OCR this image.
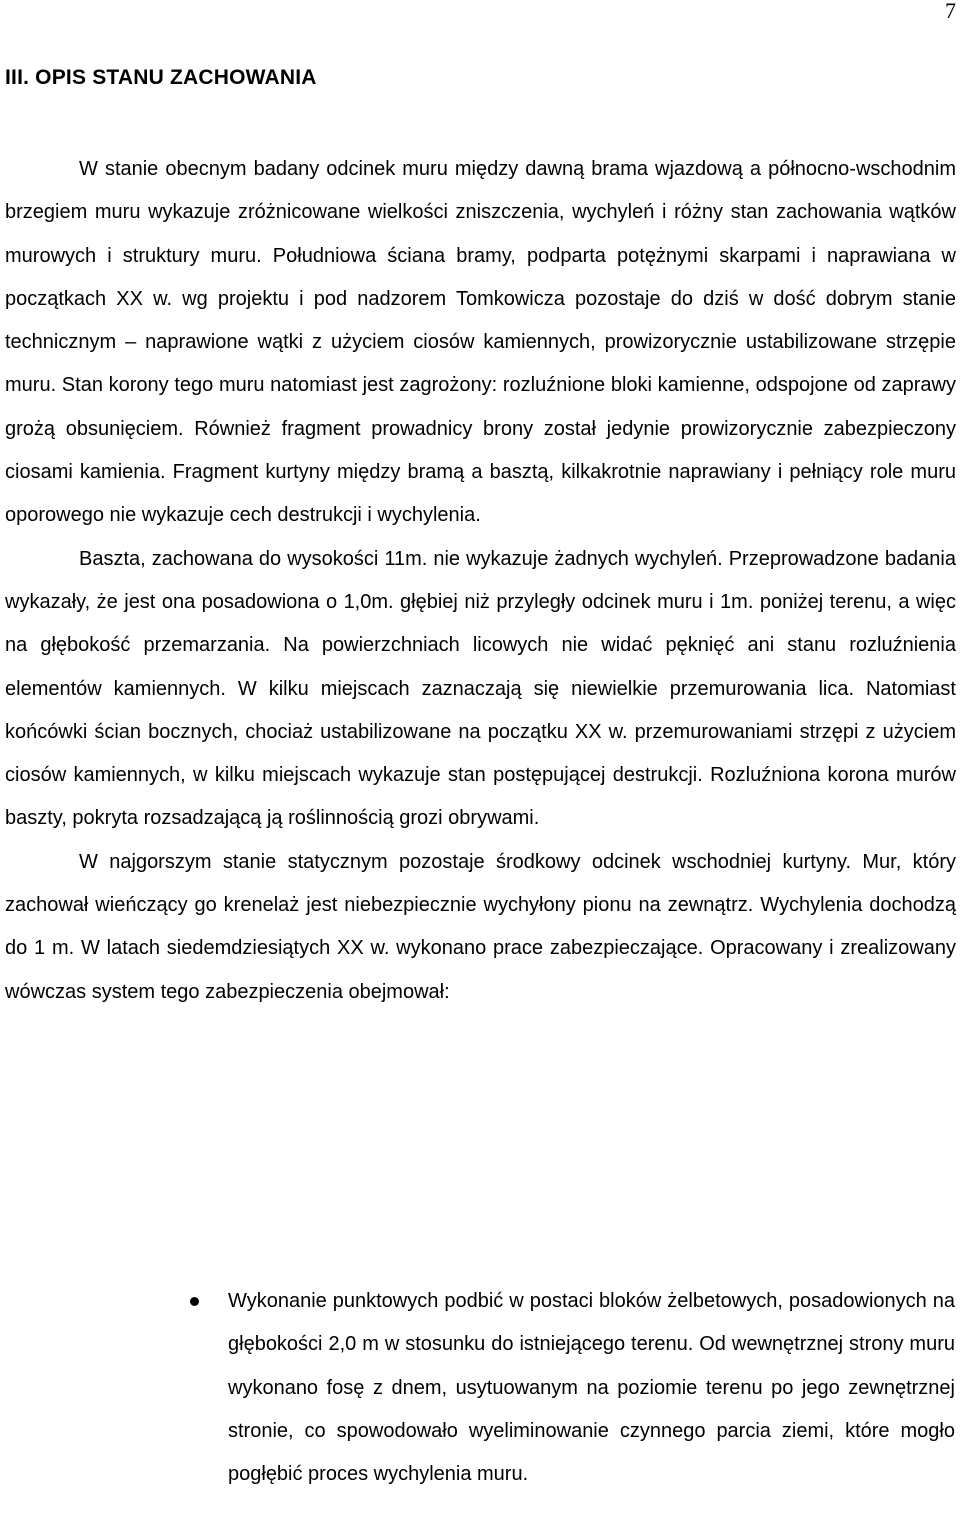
7
III. OPIS STANU ZACHOWANIA

W stanie obecnym badany odcinek muru między dawną brama wjazdową a północno-wschodnim brzegiem muru wykazuje zróżnicowane wielkości zniszczenia, wychyleń i różny stan zachowania wątków murowych i struktury muru. Południowa ściana bramy, podparta potężnymi skarpami i naprawiana w początkach XX w. wg projektu i pod nadzorem Tomkowicza pozostaje do dziś w dość dobrym stanie technicznym – naprawione wątki z użyciem ciosów kamiennych, prowizorycznie ustabilizowane strzępie muru. Stan korony tego muru natomiast jest zagrożony: rozluźnione bloki kamienne, odspojone od zaprawy grożą obsunięciem. Również fragment prowadnicy brony został jedynie prowizorycznie zabezpieczony ciosami kamienia. Fragment kurtyny między bramą a basztą, kilkakrotnie naprawiany i pełniący role muru oporowego nie wykazuje cech destrukcji i wychylenia.

Baszta, zachowana do wysokości 11m. nie wykazuje żadnych wychyleń. Przeprowadzone badania wykazały, że jest ona posadowiona o 1,0m. głębiej niż przyległy odcinek muru i 1m. poniżej terenu, a więc na głębokość przemarzania. Na powierzchniach licowych nie widać pęknięć ani stanu rozluźnienia elementów kamiennych. W kilku miejscach zaznaczają się niewielkie przemurowania lica. Natomiast końcówki ścian bocznych, chociaż ustabilizowane na początku XX w. przemurowaniami strzępi z użyciem ciosów kamiennych, w kilku miejscach wykazuje stan postępującej destrukcji. Rozluźniona korona murów baszty, pokryta rozsadzającą ją roślinnością grozi obrywami.

W najgorszym stanie statycznym pozostaje środkowy odcinek wschodniej kurtyny. Mur, który zachował wieńczący go krenelaż jest niebezpiecznie wychyłony pionu na zewnątrz. Wychylenia dochodzą do 1 m. W latach siedemdziesiątych XX w. wykonano prace zabezpieczające. Opracowany i zrealizowany wówczas system tego zabezpieczenia obejmował:

Wykonanie punktowych podbić w postaci bloków żelbetowych, posadowionych na głębokości 2,0 m w stosunku do istniejącego terenu. Od wewnętrznej strony muru wykonano fosę z dnem, usytuowanym na poziomie terenu po jego zewnętrznej stronie, co spowodowało wyeliminowanie czynnego parcia ziemi, które mogło pogłębić proces wychylenia muru.
